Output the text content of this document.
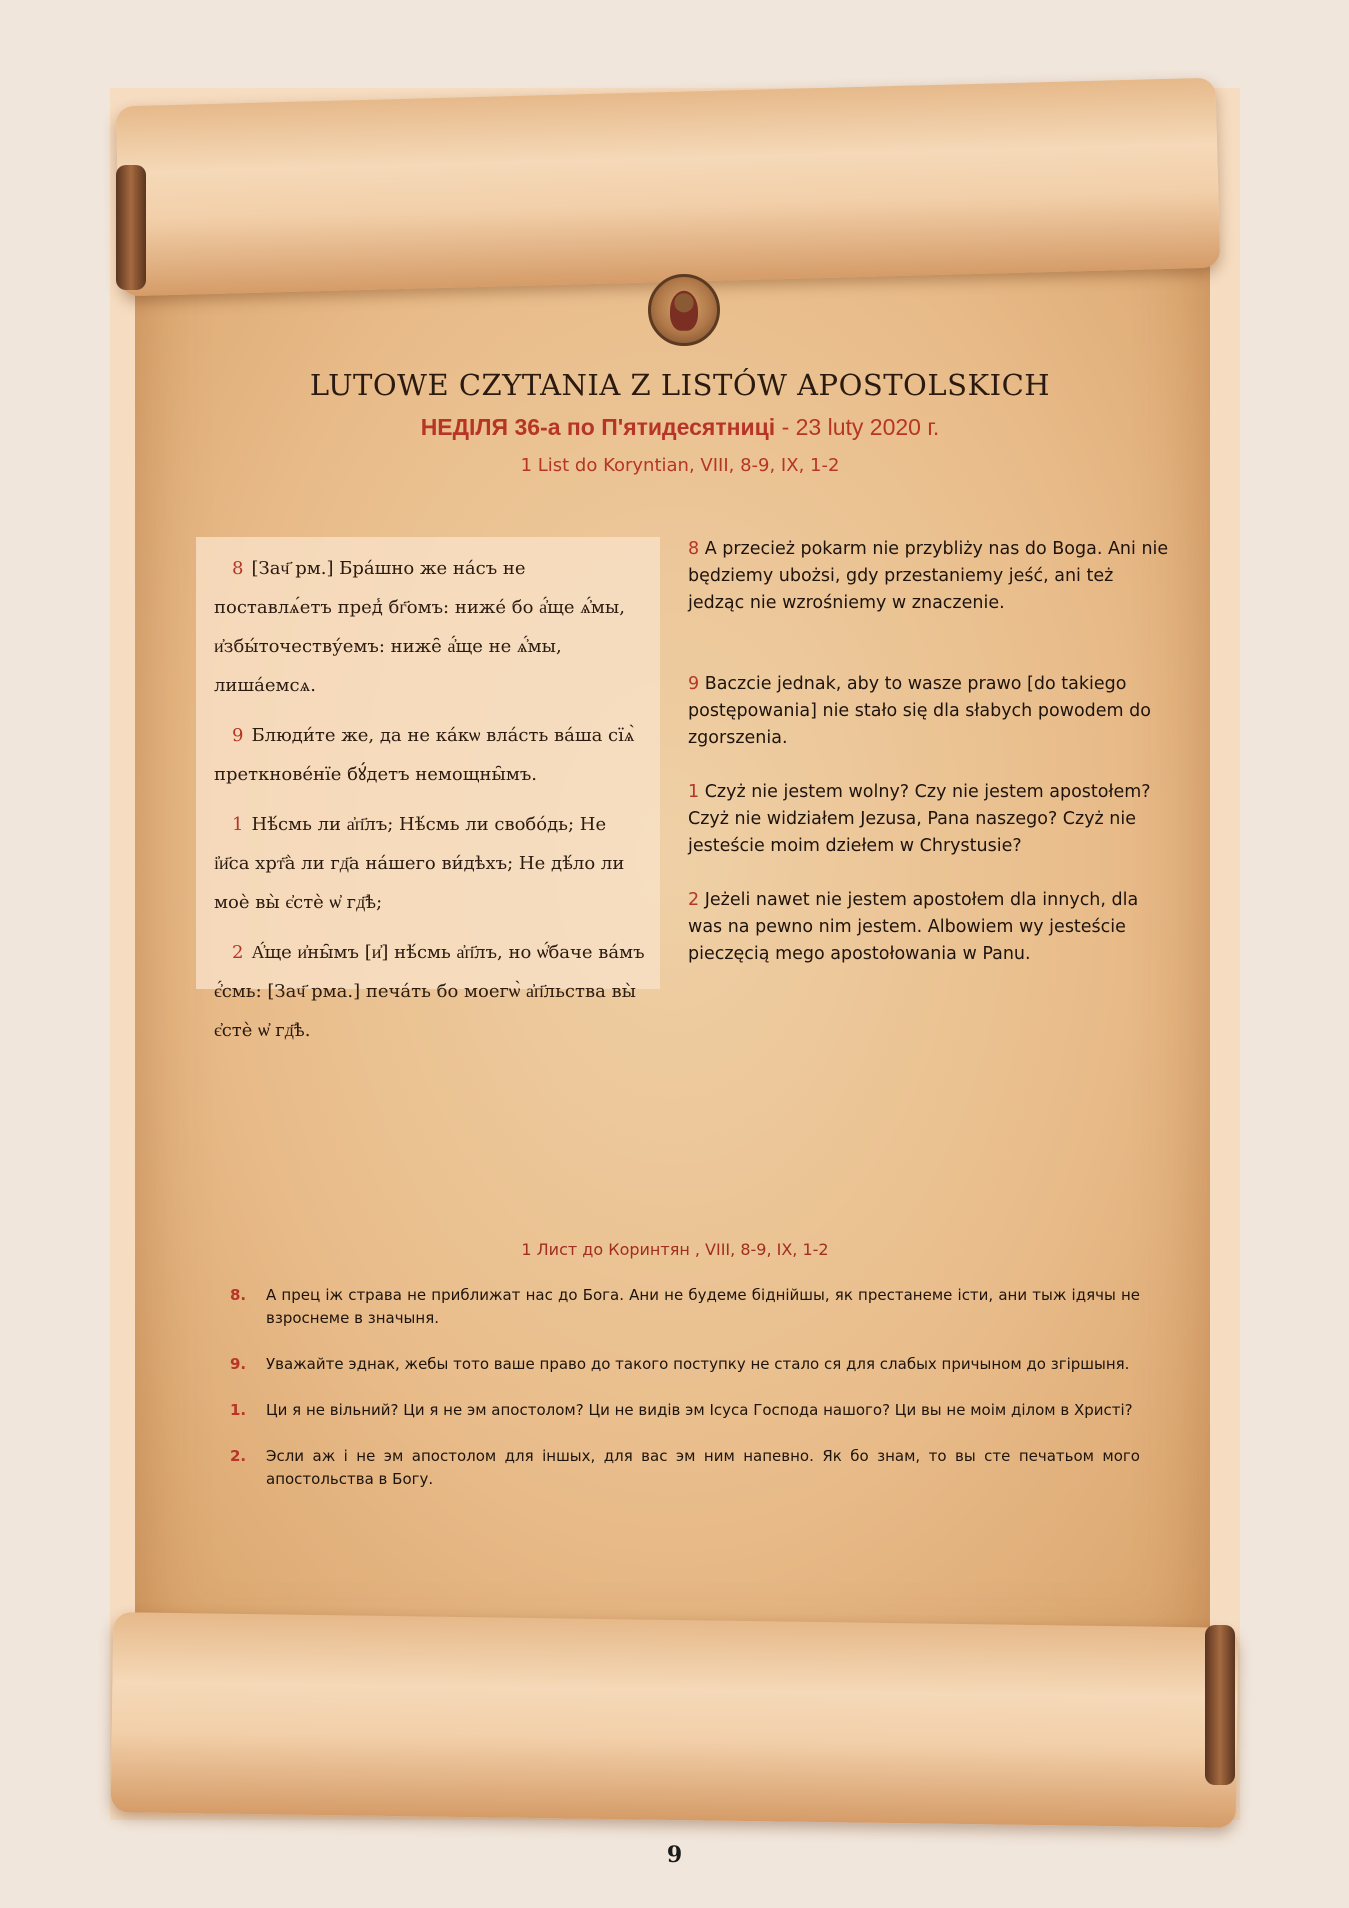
LUTOWE CZYTANIA Z LISTÓW APOSTOLSKICH
НЕДІЛЯ 36-а по П'ятидесятниці - 23 luty 2020 г.
1 List do Koryntian, VIII, 8-9, IX, 1-2

8 [Зач҃ рм.] Бра́шно же на́съ не поставлѧ́етъ пред̾ бг҃омъ: ниже́ бо а҆́ще ѧ҆́мы, и҆збы́точеству́емъ: ниже̑ а҆́ще не ѧ҆́мы, лиша́емсѧ.

9 Блюди́те же, да не ка́кѡ вла́сть ва́ша сїѧ̀ преткнове́нїе бꙋ́детъ немощны̑мъ.

1 Нѣ́смь ли а҆п҃лъ; Нѣ́смь ли свобо́дь; Не і҆и҃са хрт҃а̀ ли гд҃а на́шего ви́дѣхъ; Не дѣ́ло ли моѐ вы̀ є҆стѐ ѡ҆ гд҃ѣ;

2 А҆́ще и҆ны̑мъ [и҆] нѣ́смь а҆п҃лъ, но ѡ҆́баче ва́мъ є҆́смь: [Зач҃ рма.] печа́ть бо моегѡ̀ а҆п҃льства вы̀ є҆стѐ ѡ҆ гд҃ѣ.

8 A przecież pokarm nie przybliży nas do Boga. Ani nie będziemy ubożsi, gdy przestaniemy jeść, ani też jedząc nie wzrośniemy w znaczenie.

9 Baczcie jednak, aby to wasze prawo [do takiego postępowania] nie stało się dla słabych powodem do zgorszenia.

1 Czyż nie jestem wolny? Czy nie jestem apostołem? Czyż nie widziałem Jezusa, Pana naszego? Czyż nie jesteście moim dziełem w Chrystusie?

2 Jeżeli nawet nie jestem apostołem dla innych, dla was na pewno nim jestem. Albowiem wy jesteście pieczęcią mego apostołowania w Panu.

1 Лист до Коринтян , VIII, 8-9, IX, 1-2
8. А прец іж страва не приближат нас до Бога. Ани не будеме біднійшы, як престанеме істи, ани тыж ідячы не взроснеме в значыня.
9. Уважайте эднак, жебы тото ваше право до такого поступку не стало ся для слабых причыном до згіршыня.
1. Ци я не вільний? Ци я не эм апостолом? Ци не видів эм Ісуса Господа нашого? Ци вы не моім ділом в Христі?
2. Эсли аж і не эм апостолом для іншых, для вас эм ним напевно. Як бо знам, то вы сте печатьом мого апостольства в Богу.
9
